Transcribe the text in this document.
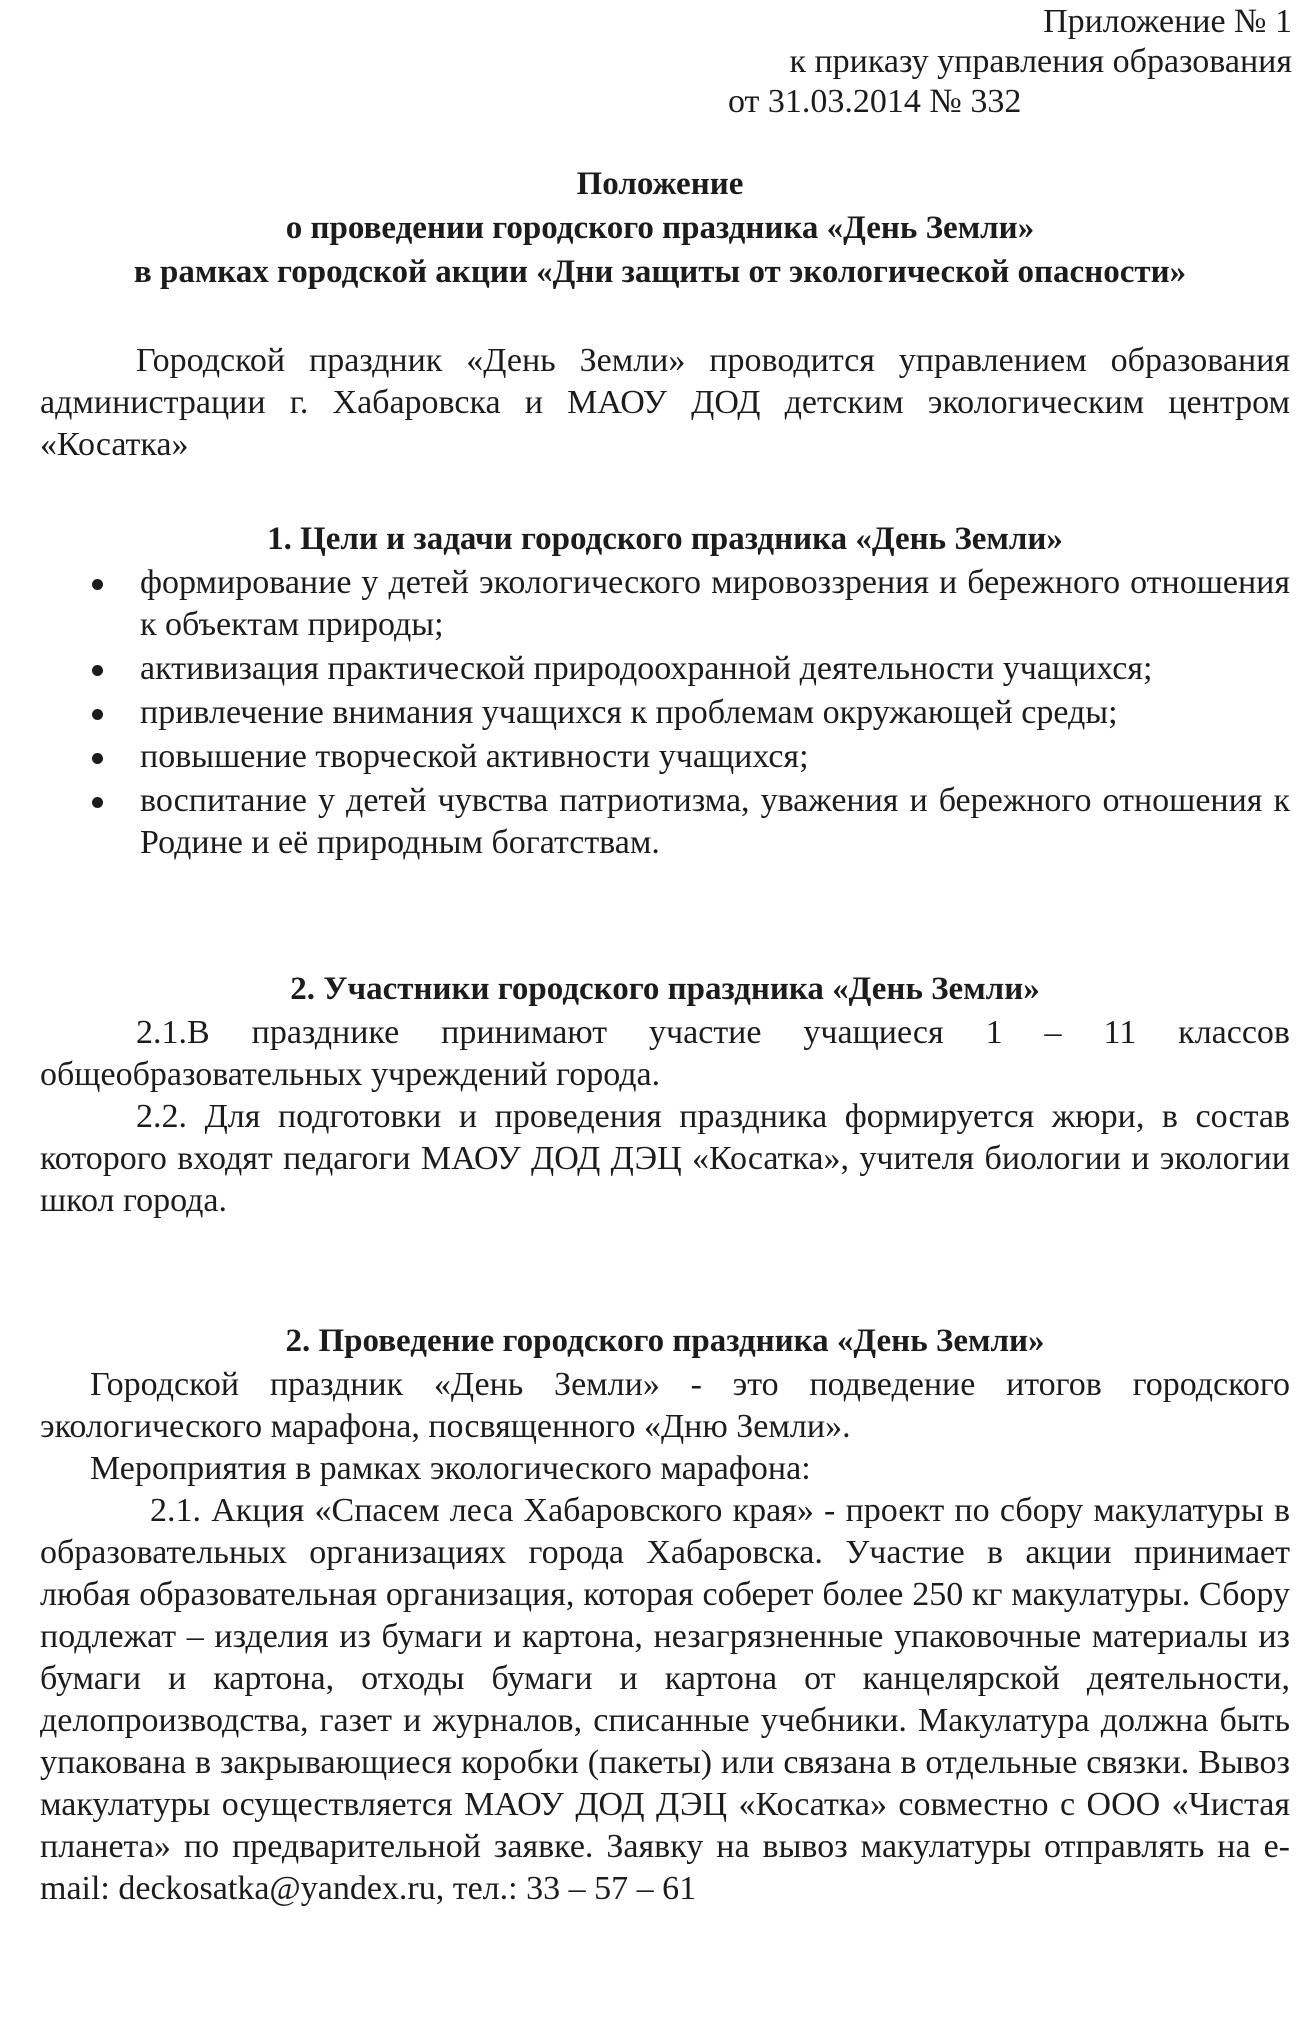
Приложение № 1
к приказу управления образования
от 31.03.2014 № 332
Положение
о проведении городского праздника «День Земли»
в рамках городской акции «Дни защиты от экологической опасности»
Городской праздник «День Земли» проводится управлением образования администрации г. Хабаровска и МАОУ ДОД детским экологическим центром «Косатка»
1. Цели и задачи городского праздника «День Земли»
формирование у детей экологического мировоззрения и бережного отношения к объектам природы;
активизация практической природоохранной деятельности учащихся;
привлечение внимания учащихся к проблемам окружающей среды;
повышение творческой активности учащихся;
воспитание у детей чувства патриотизма, уважения и бережного отношения к Родине и её природным богатствам.
2. Участники городского праздника «День Земли»
2.1.В празднике принимают участие учащиеся 1 – 11 классов общеобразовательных учреждений города.
2.2. Для подготовки и проведения праздника формируется жюри, в состав которого входят педагоги МАОУ ДОД ДЭЦ «Косатка», учителя биологии и экологии школ города.
2. Проведение городского праздника «День Земли»
Городской праздник «День Земли» - это подведение итогов городского экологического марафона, посвященного «Дню Земли».
Мероприятия в рамках экологического марафона:
2.1. Акция «Спасем леса Хабаровского края» - проект по сбору макулатуры в образовательных организациях города Хабаровска. Участие в акции принимает любая образовательная организация, которая соберет более 250 кг макулатуры. Сбору подлежат – изделия из бумаги и картона, незагрязненные упаковочные материалы из бумаги и картона, отходы бумаги и картона от канцелярской деятельности, делопроизводства, газет и журналов, списанные учебники. Макулатура должна быть упакована в закрывающиеся коробки (пакеты) или связана в отдельные связки. Вывоз макулатуры осуществляется МАОУ ДОД ДЭЦ «Косатка» совместно с ООО «Чистая планета» по предварительной заявке. Заявку на вывоз макулатуры отправлять на e-mail: deckosatka@yandex.ru, тел.: 33 – 57 – 61
